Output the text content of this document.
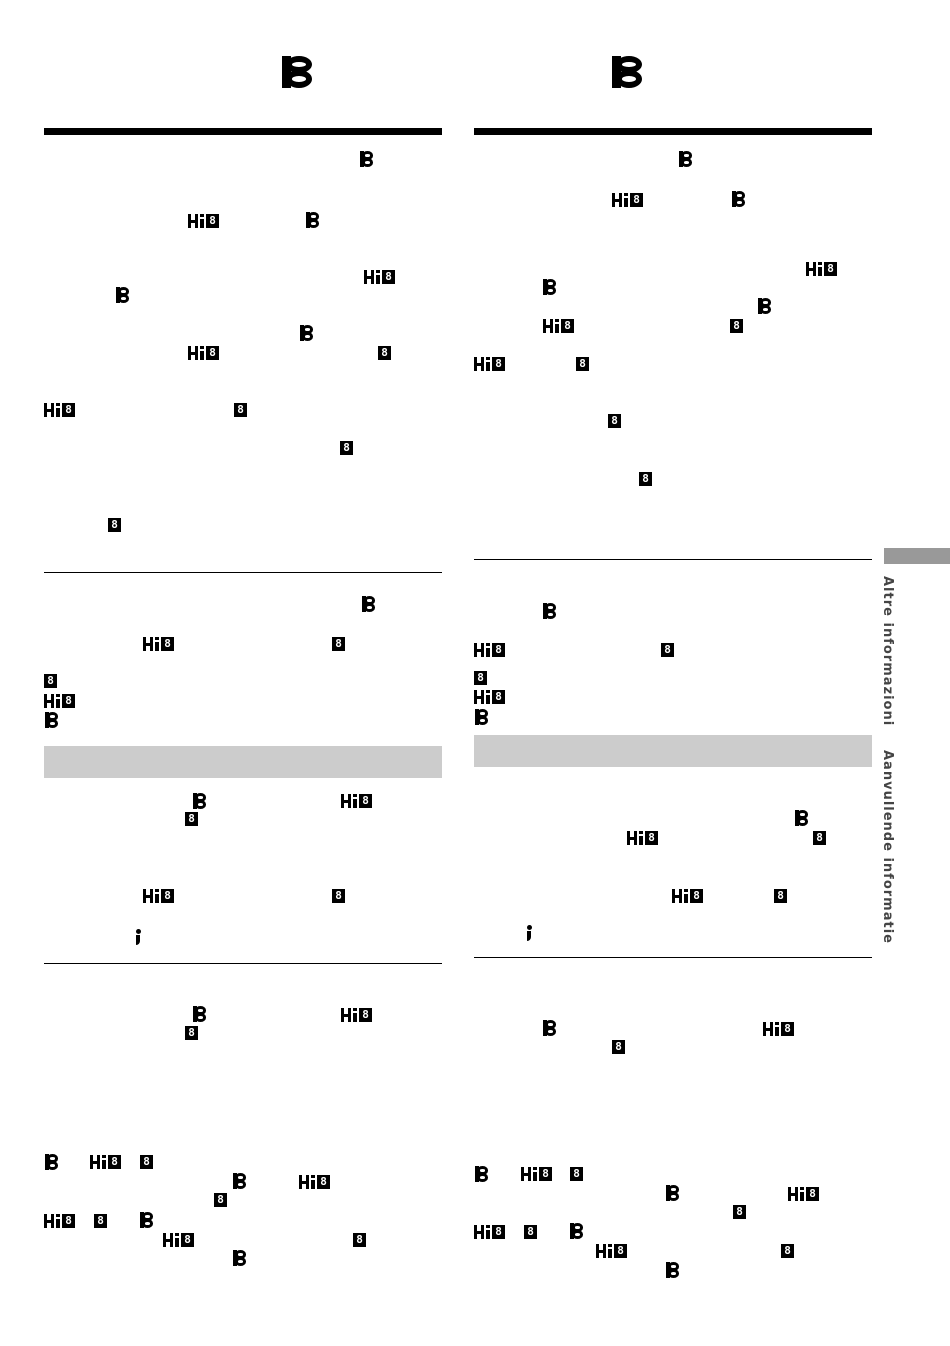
8
8
8	8
8	8
8
8
8	8
8
8
8
8
8	8
8
8
8 8
8
8
8 8
8	8
8
8
8	8
8	8
8
8
8	8
8
8
8	8
8	8
8
8
8 8
8
8
8 8
8	8
Altre informazioni
Aanvullende informatie
